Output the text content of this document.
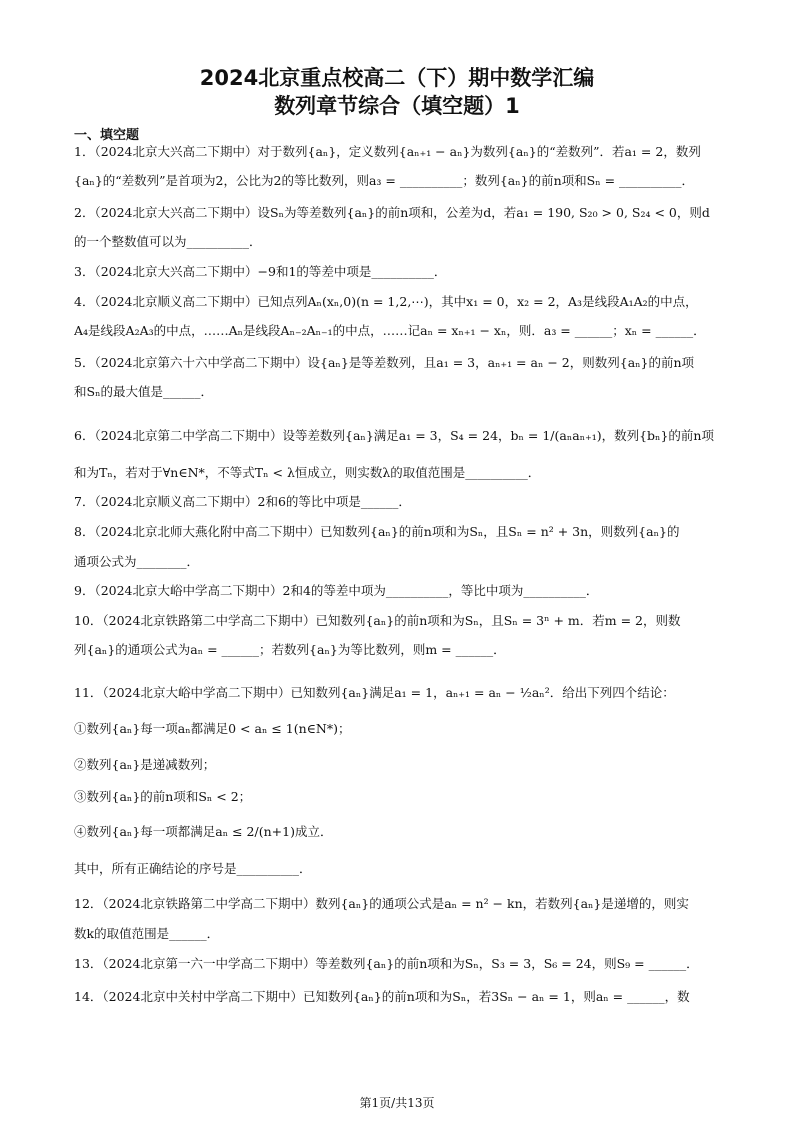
2024北京重点校高二（下）期中数学汇编
数列章节综合（填空题）1
一、填空题
1．（2024北京大兴高二下期中）对于数列{aₙ}，定义数列{aₙ₊₁ − aₙ}为数列{aₙ}的“差数列”．若a₁ = 2，数列
{aₙ}的“差数列”是首项为2，公比为2的等比数列，则a₃ = __________；数列{aₙ}的前n项和Sₙ = __________．
2．（2024北京大兴高二下期中）设Sₙ为等差数列{aₙ}的前n项和，公差为d，若a₁ = 190, S₂₀ > 0, S₂₄ < 0，则d
的一个整数值可以为__________．
3．（2024北京大兴高二下期中）−9和1的等差中项是__________．
4．（2024北京顺义高二下期中）已知点列Aₙ(xₙ,0)(n = 1,2,⋯)，其中x₁ = 0，x₂ = 2，A₃是线段A₁A₂的中点，
A₄是线段A₂A₃的中点，……Aₙ是线段Aₙ₋₂Aₙ₋₁的中点，……记aₙ = xₙ₊₁ − xₙ，则．a₃ = ______；xₙ = ______．
5．（2024北京第六十六中学高二下期中）设{aₙ}是等差数列，且a₁ = 3，aₙ₊₁ = aₙ − 2，则数列{aₙ}的前n项
和Sₙ的最大值是______．
6．（2024北京第二中学高二下期中）设等差数列{aₙ}满足a₁ = 3，S₄ = 24，bₙ = 1/(aₙaₙ₊₁)，数列{bₙ}的前n项
和为Tₙ，若对于∀n∈N*，不等式Tₙ < λ恒成立，则实数λ的取值范围是__________．
7．（2024北京顺义高二下期中）2和6的等比中项是______．
8．（2024北京北师大燕化附中高二下期中）已知数列{aₙ}的前n项和为Sₙ，且Sₙ = n² + 3n，则数列{aₙ}的
通项公式为________．
9．（2024北京大峪中学高二下期中）2和4的等差中项为__________，等比中项为__________．
10．（2024北京铁路第二中学高二下期中）已知数列{aₙ}的前n项和为Sₙ，且Sₙ = 3ⁿ + m．若m = 2，则数
列{aₙ}的通项公式为aₙ = ______；若数列{aₙ}为等比数列，则m = ______．
11．（2024北京大峪中学高二下期中）已知数列{aₙ}满足a₁ = 1，aₙ₊₁ = aₙ − ½aₙ²．给出下列四个结论：
①数列{aₙ}每一项aₙ都满足0 < aₙ ≤ 1(n∈N*)；
②数列{aₙ}是递减数列；
③数列{aₙ}的前n项和Sₙ < 2；
④数列{aₙ}每一项都满足aₙ ≤ 2/(n+1)成立．
其中，所有正确结论的序号是__________．
12．（2024北京铁路第二中学高二下期中）数列{aₙ}的通项公式是aₙ = n² − kn，若数列{aₙ}是递增的，则实
数k的取值范围是______．
13．（2024北京第一六一中学高二下期中）等差数列{aₙ}的前n项和为Sₙ，S₃ = 3，S₆ = 24，则S₉ = ______．
14．（2024北京中关村中学高二下期中）已知数列{aₙ}的前n项和为Sₙ，若3Sₙ − aₙ = 1，则aₙ = ______，数
第1页/共13页
